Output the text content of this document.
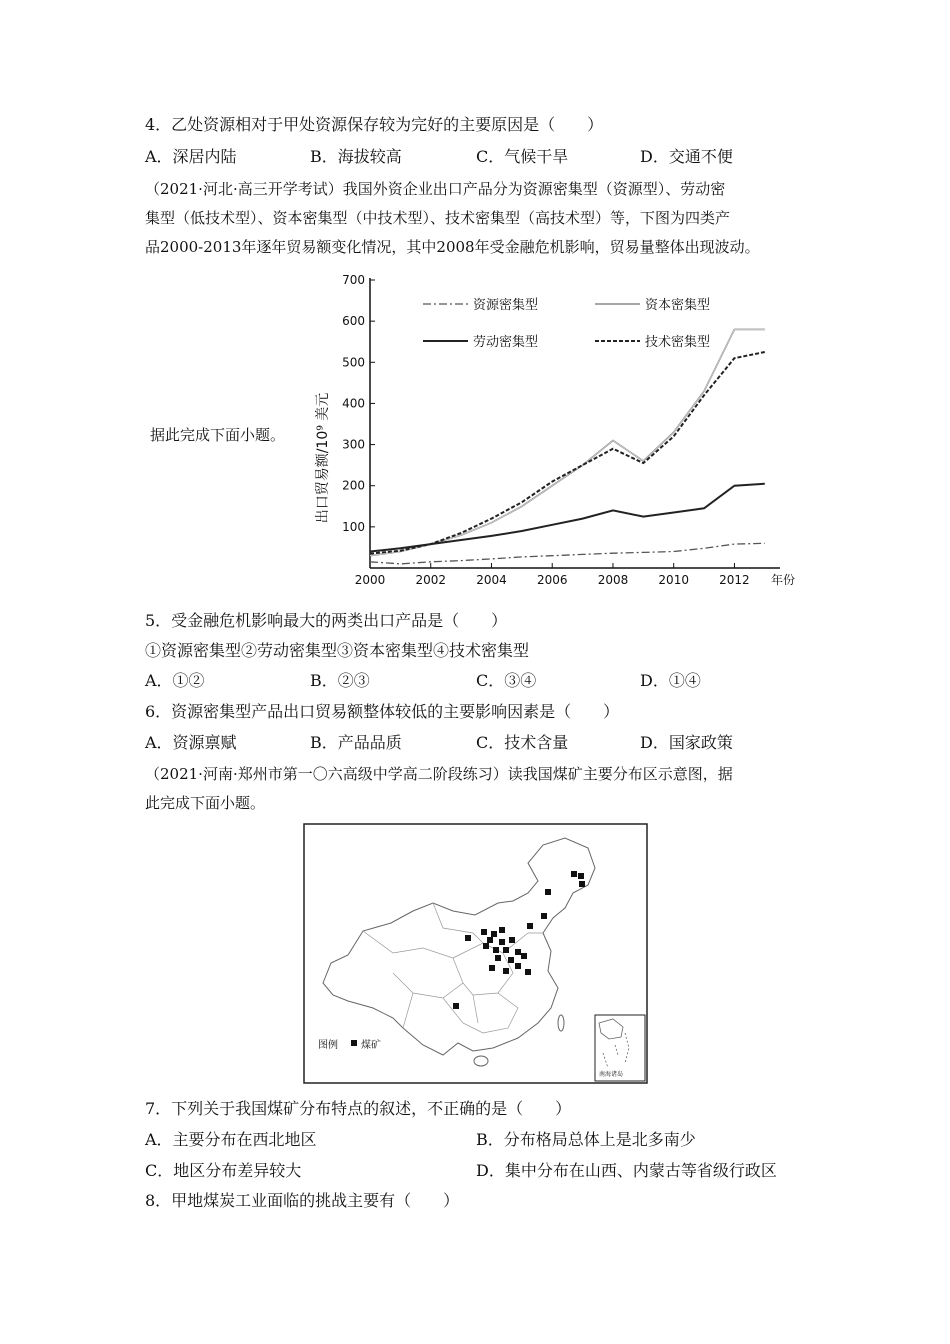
4．乙处资源相对于甲处资源保存较为完好的主要原因是（　　）
A．深居内陆	B．海拔较高	C．气候干旱	D．交通不便

（2021·河北·高三开学考试）我国外资企业出口产品分为资源密集型（资源型）、劳动密

集型（低技术型）、资本密集型（中技术型）、技术密集型（高技术型）等，下图为四类产

品2000-2013年逐年贸易额变化情况，其中2008年受金融危机影响，贸易量整体出现波动。

据此完成下面小题。
100
200
300
400
500
600
700
2000	2002	2004	2006	2008	2010	2012 年份
资源密集型	资本密集型
劳动密集型	技术密集型
出口贸易额/10⁹ 美元
5．受金融危机影响最大的两类出口产品是（　　）
①资源密集型②劳动密集型③资本密集型④技术密集型
A．①②	B．②③	C．③④	D．①④
6．资源密集型产品出口贸易额整体较低的主要影响因素是（　　）
A．资源禀赋	B．产品品质	C．技术含量	D．国家政策

（2021·河南·郑州市第一〇六高级中学高二阶段练习）读我国煤矿主要分布区示意图，据

此完成下面小题。

图例 煤矿
南海诸岛
7．下列关于我国煤矿分布特点的叙述，不正确的是（　　）
A．主要分布在西北地区	B．分布格局总体上是北多南少
C．地区分布差异较大	D．集中分布在山西、内蒙古等省级行政区
8．甲地煤炭工业面临的挑战主要有（　　）
